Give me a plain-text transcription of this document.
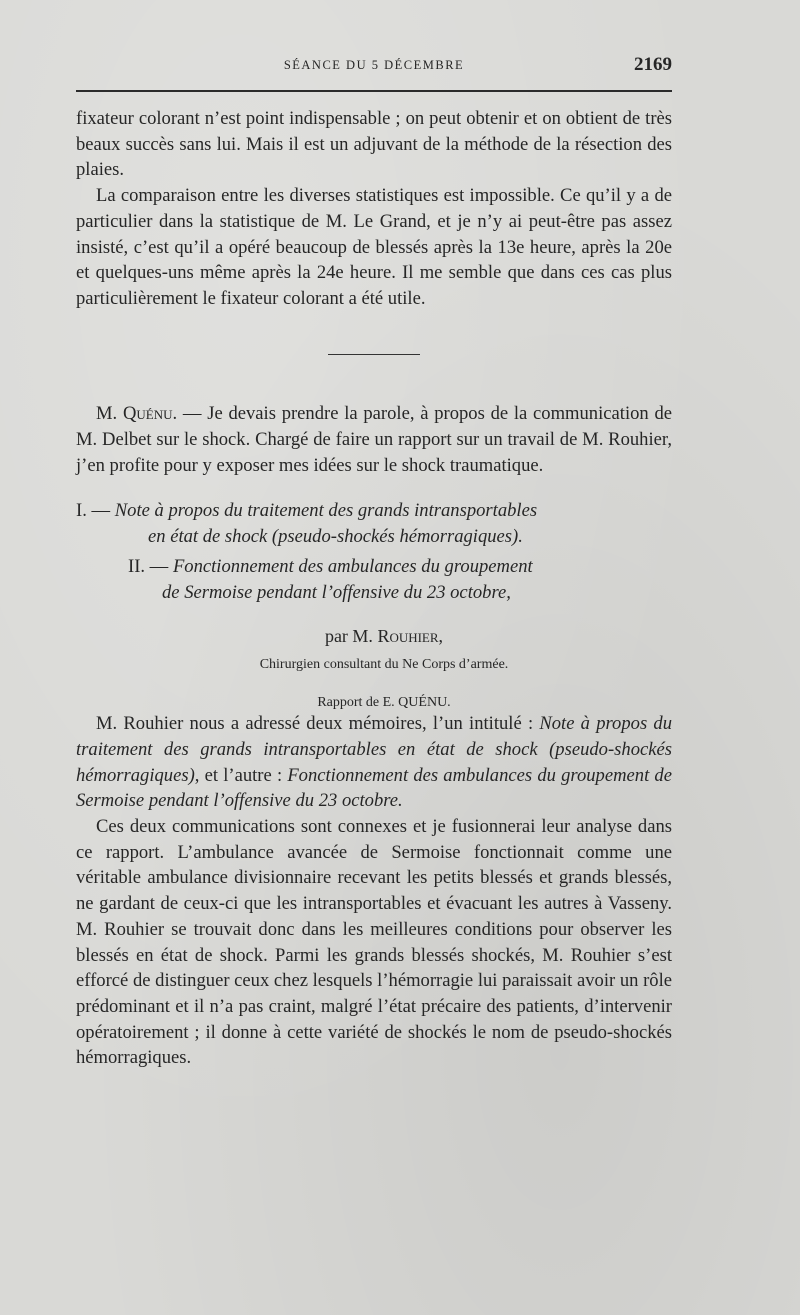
SÉANCE DU 5 DÉCEMBRE	2169

fixateur colorant n’est point indispensable ; on peut obtenir et on obtient de très beaux succès sans lui. Mais il est un adjuvant de la méthode de la résection des plaies.

La comparaison entre les diverses statistiques est impossible. Ce qu’il y a de particulier dans la statistique de M. Le Grand, et je n’y ai peut-être pas assez insisté, c’est qu’il a opéré beaucoup de blessés après la 13e heure, après la 20e et quelques-uns même après la 24e heure. Il me semble que dans ces cas plus particulièrement le fixateur colorant a été utile.

M. Quénu. — Je devais prendre la parole, à propos de la communication de M. Delbet sur le shock. Chargé de faire un rapport sur un travail de M. Rouhier, j’en profite pour y exposer mes idées sur le shock traumatique.

I. — Note à propos du traitement des grands intransportables
en état de shock (pseudo-shockés hémorragiques).
II. — Fonctionnement des ambulances du groupement
de Sermoise pendant l’offensive du 23 octobre,
par M. Rouhier,
Chirurgien consultant du Ne Corps d’armée.
Rapport de E. QUÉNU.

M. Rouhier nous a adressé deux mémoires, l’un intitulé : Note à propos du traitement des grands intransportables en état de shock (pseudo-shockés hémorragiques), et l’autre : Fonctionnement des ambulances du groupement de Sermoise pendant l’offensive du 23 octobre.

Ces deux communications sont connexes et je fusionnerai leur analyse dans ce rapport. L’ambulance avancée de Sermoise fonctionnait comme une véritable ambulance divisionnaire recevant les petits blessés et grands blessés, ne gardant de ceux-ci que les intransportables et évacuant les autres à Vasseny. M. Rouhier se trouvait donc dans les meilleures conditions pour observer les blessés en état de shock. Parmi les grands blessés shockés, M. Rouhier s’est efforcé de distinguer ceux chez lesquels l’hémorragie lui paraissait avoir un rôle prédominant et il n’a pas craint, malgré l’état précaire des patients, d’intervenir opératoirement ; il donne à cette variété de shockés le nom de pseudo-shockés hémorragiques.
